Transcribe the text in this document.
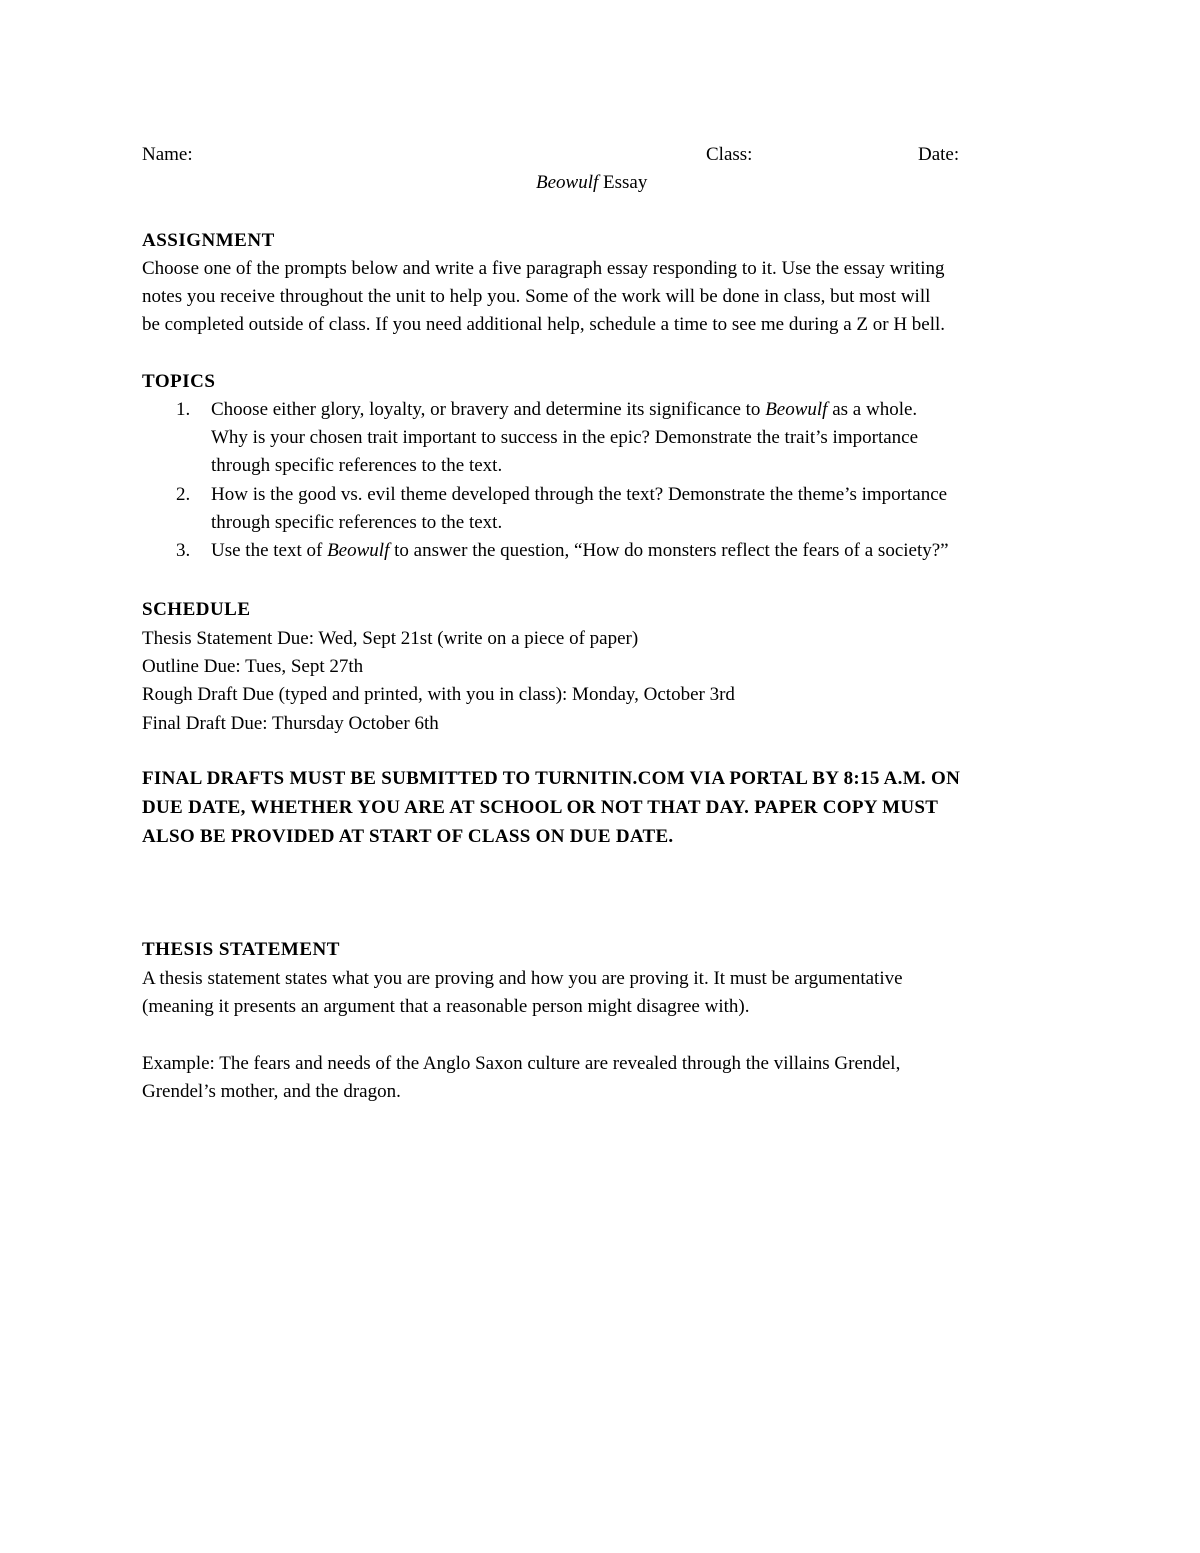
Name:	Class:	Date:
Beowulf Essay
ASSIGNMENT
Choose one of the prompts below and write a five paragraph essay responding to it. Use the essay writing
notes you receive throughout the unit to help you. Some of the work will be done in class, but most will
be completed outside of class. If you need additional help, schedule a time to see me during a Z or H bell.
TOPICS
1. Choose either glory, loyalty, or bravery and determine its significance to Beowulf as a whole.
Why is your chosen trait important to success in the epic? Demonstrate the trait’s importance
through specific references to the text.
2. How is the good vs. evil theme developed through the text? Demonstrate the theme’s importance
through specific references to the text.
3. Use the text of Beowulf to answer the question, “How do monsters reflect the fears of a society?”
SCHEDULE
Thesis Statement Due: Wed, Sept 21st (write on a piece of paper)
Outline Due: Tues, Sept 27th
Rough Draft Due (typed and printed, with you in class): Monday, October 3rd
Final Draft Due: Thursday October 6th
FINAL DRAFTS MUST BE SUBMITTED TO TURNITIN.COM VIA PORTAL BY 8:15 A.M. ON
DUE DATE, WHETHER YOU ARE AT SCHOOL OR NOT THAT DAY. PAPER COPY MUST
ALSO BE PROVIDED AT START OF CLASS ON DUE DATE.
THESIS STATEMENT
A thesis statement states what you are proving and how you are proving it. It must be argumentative
(meaning it presents an argument that a reasonable person might disagree with).
Example: The fears and needs of the Anglo Saxon culture are revealed through the villains Grendel,
Grendel’s mother, and the dragon.
